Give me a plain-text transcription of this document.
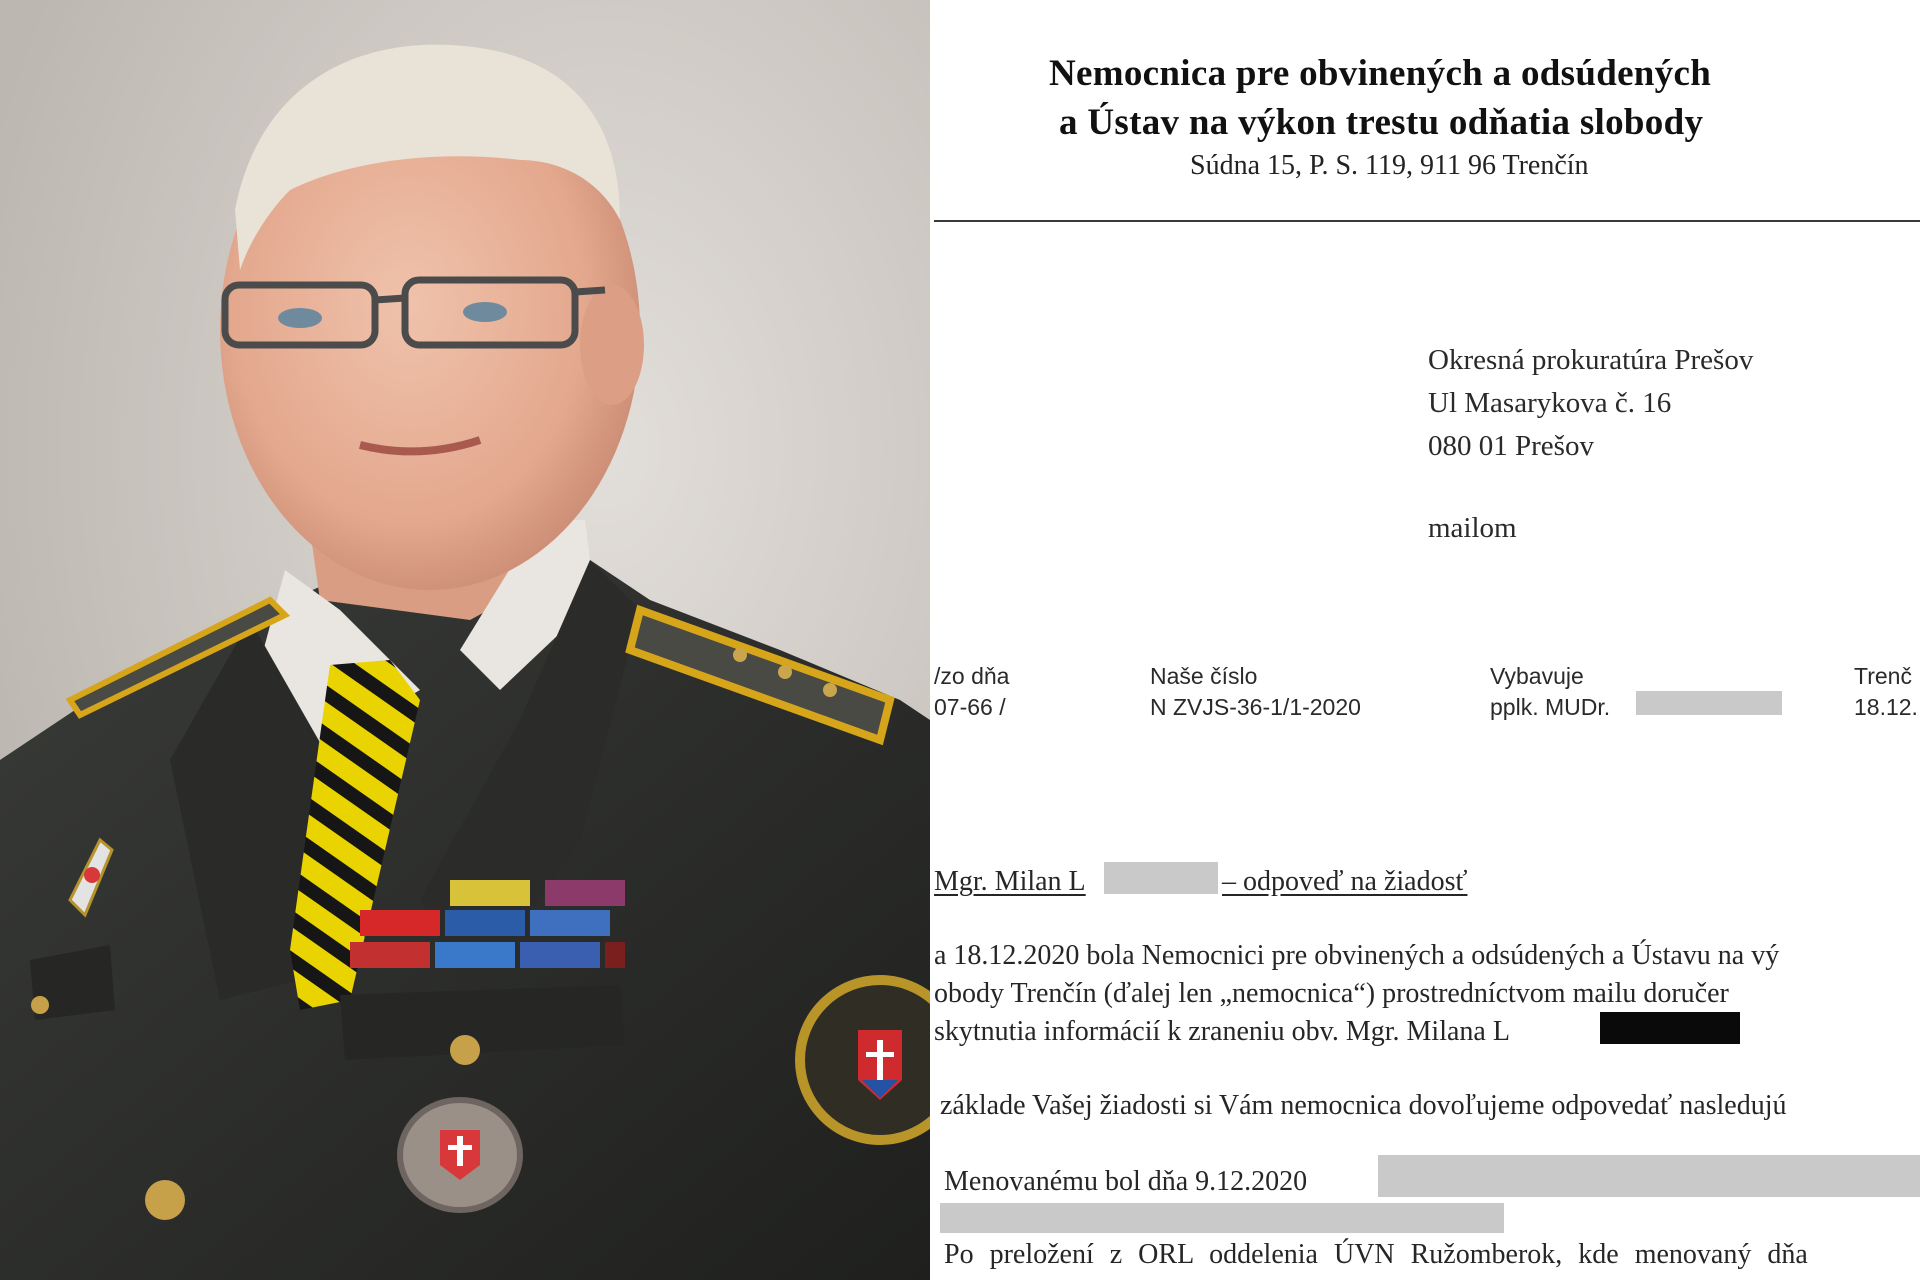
Nemocnica pre obvinených a odsúdených
a Ústav na výkon trestu odňatia slobody
Súdna 15, P. S. 119, 911 96 Trenčín
Okresná prokuratúra Prešov
Ul Masarykova č. 16
080 01 Prešov
mailom
/zo dňa
07-66 /
Naše číslo
N ZVJS-36-1/1-2020
Vybavuje
pplk. MUDr.
Trenč
18.12.
Mgr. Milan L	– odpoveď na žiadosť
a 18.12.2020 bola Nemocnici pre obvinených a odsúdených a Ústavu na vý
obody Trenčín (ďalej len „nemocnica“) prostredníctvom mailu doručer
skytnutia informácií k zraneniu obv. Mgr. Milana L
základe Vašej žiadosti si Vám nemocnica dovoľujeme odpovedať nasledujú
Menovanému bol dňa 9.12.2020
Po preložení z ORL oddelenia ÚVN Ružomberok, kde menovaný dňa
